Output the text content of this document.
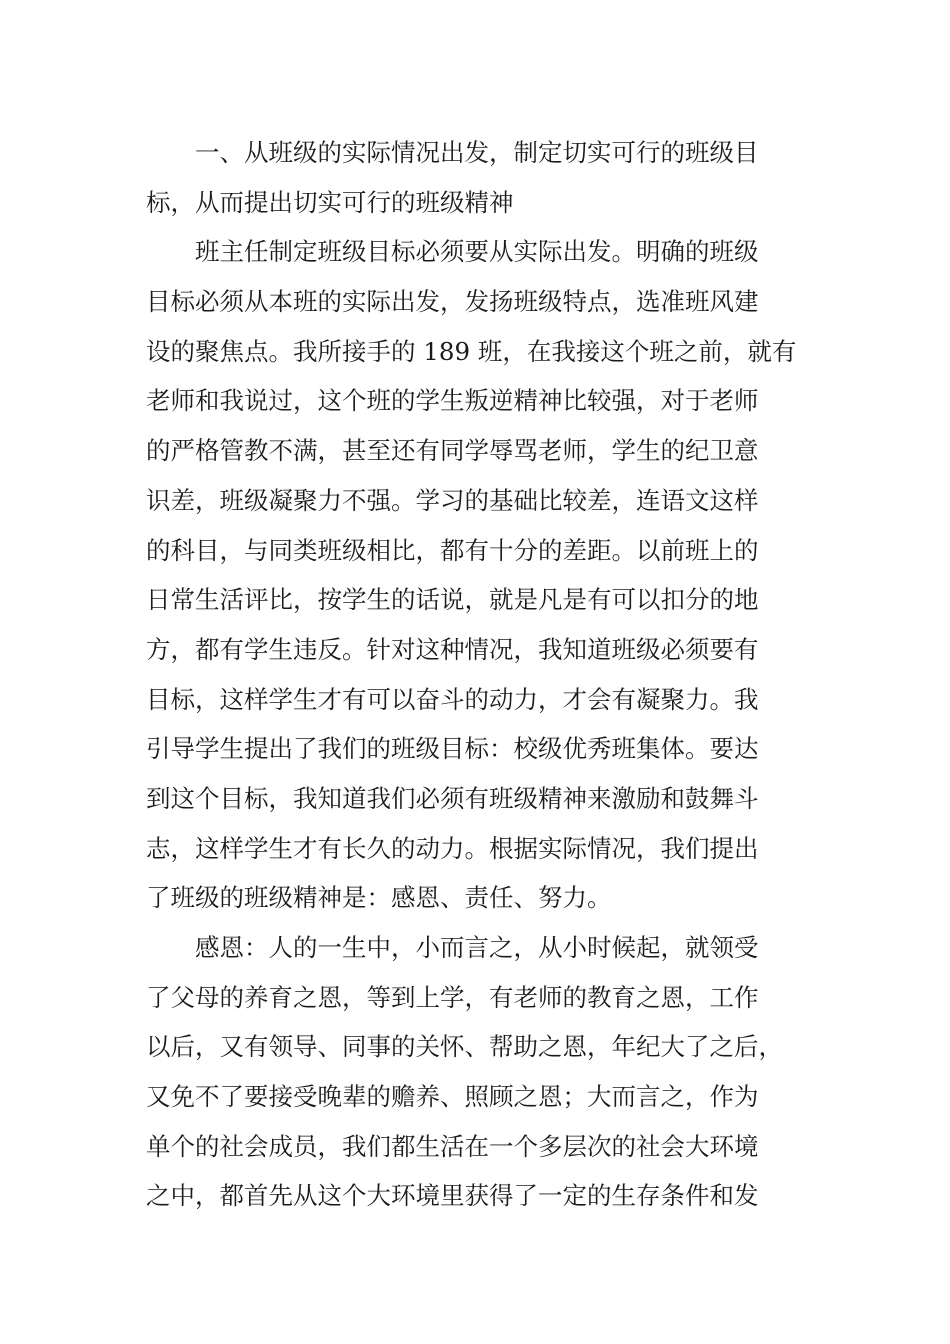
一、从班级的实际情况出发，制定切实可行的班级目
标，从而提出切实可行的班级精神
班主任制定班级目标必须要从实际出发。明确的班级
目标必须从本班的实际出发，发扬班级特点，选准班风建
设的聚焦点。我所接手的 189 班，在我接这个班之前，就有
老师和我说过，这个班的学生叛逆精神比较强，对于老师
的严格管教不满，甚至还有同学辱骂老师，学生的纪卫意
识差，班级凝聚力不强。学习的基础比较差，连语文这样
的科目，与同类班级相比，都有十分的差距。以前班上的
日常生活评比，按学生的话说，就是凡是有可以扣分的地
方，都有学生违反。针对这种情况，我知道班级必须要有
目标，这样学生才有可以奋斗的动力，才会有凝聚力。我
引导学生提出了我们的班级目标：校级优秀班集体。要达
到这个目标，我知道我们必须有班级精神来激励和鼓舞斗
志，这样学生才有长久的动力。根据实际情况，我们提出
了班级的班级精神是：感恩、责任、努力。
感恩：人的一生中，小而言之，从小时候起，就领受
了父母的养育之恩，等到上学，有老师的教育之恩，工作
以后，又有领导、同事的关怀、帮助之恩，年纪大了之后，
又免不了要接受晚辈的赡养、照顾之恩；大而言之，作为
单个的社会成员，我们都生活在一个多层次的社会大环境
之中，都首先从这个大环境里获得了一定的生存条件和发
